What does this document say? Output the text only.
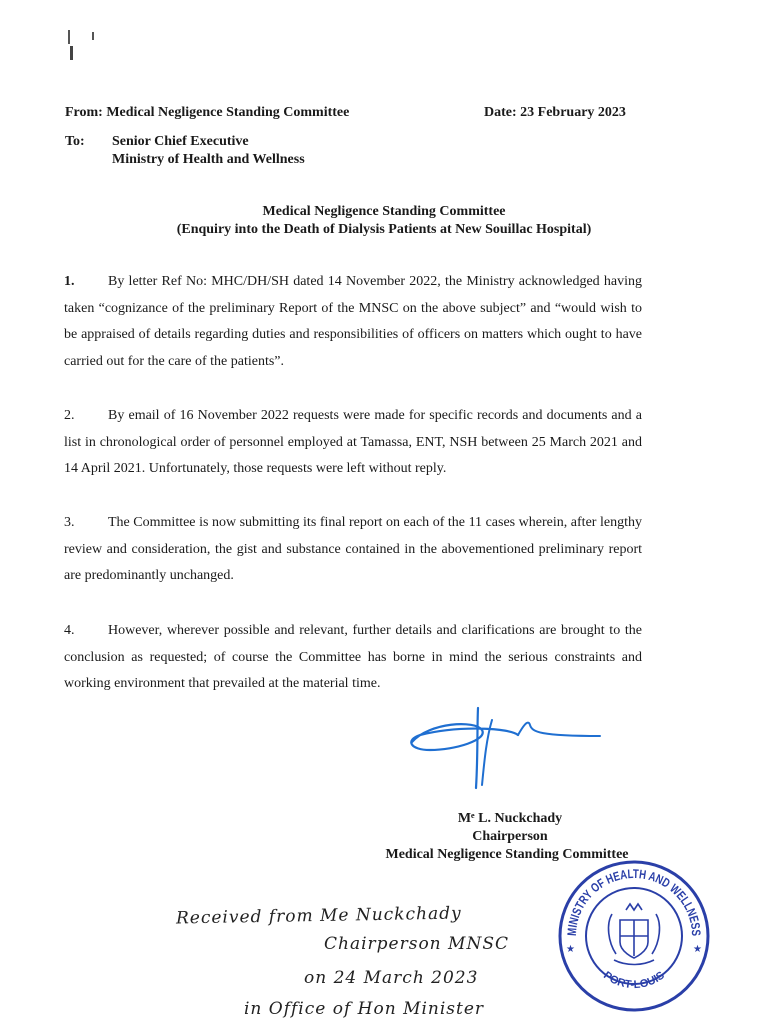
From: Medical Negligence Standing Committee	Date: 23 February 2023
To: Senior Chief Executive
Ministry of Health and Wellness
Medical Negligence Standing Committee
(Enquiry into the Death of Dialysis Patients at New Souillac Hospital)
1. By letter Ref No: MHC/DH/SH dated 14 November 2022, the Ministry acknowledged having taken “cognizance of the preliminary Report of the MNSC on the above subject” and “would wish to be appraised of details regarding duties and responsibilities of officers on matters which ought to have carried out for the care of the patients”.
2. By email of 16 November 2022 requests were made for specific records and documents and a list in chronological order of personnel employed at Tamassa, ENT, NSH between 25 March 2021 and 14 April 2021. Unfortunately, those requests were left without reply.
3. The Committee is now submitting its final report on each of the 11 cases wherein, after lengthy review and consideration, the gist and substance contained in the abovementioned preliminary report are predominantly unchanged.
4. However, wherever possible and relevant, further details and clarifications are brought to the conclusion as requested; of course the Committee has borne in mind the serious constraints and working environment that prevailed at the material time.
Mᵉ L. Nuckchady
Chairperson
Medical Negligence Standing Committee
Received from Me Nuckchady
Chairperson MNSC
on 24 March 2023
in Office of Hon Minister
MINISTRY OF HEALTH AND WELLNESS
PORT-LOUIS
★	★
